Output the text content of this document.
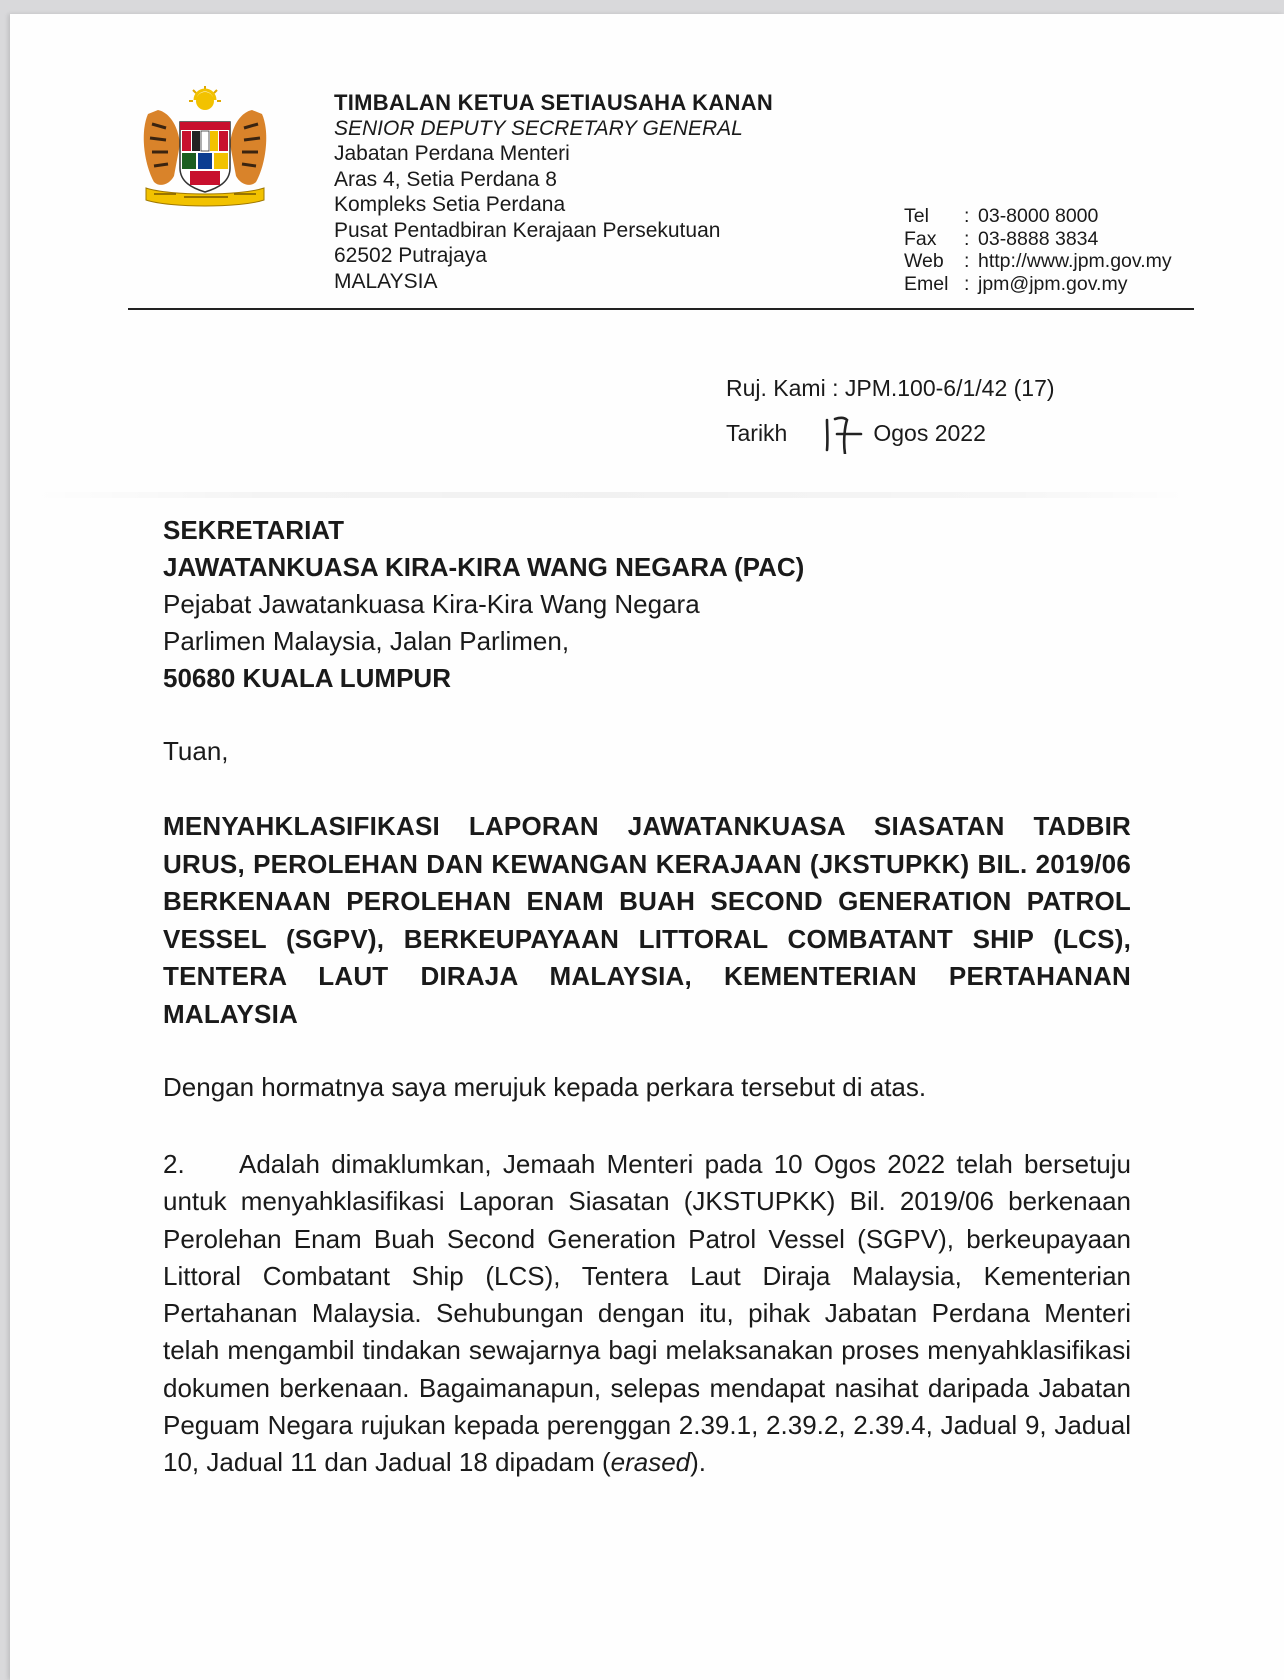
TIMBALAN KETUA SETIAUSAHA KANAN
SENIOR DEPUTY SECRETARY GENERAL
Jabatan Perdana Menteri
Aras 4, Setia Perdana 8
Kompleks Setia Perdana
Pusat Pentadbiran Kerajaan Persekutuan
62502 Putrajaya
MALAYSIA
Tel	: 03-8000 8000
Fax	: 03-8888 3834
Web	: http://www.jpm.gov.my
Emel : jpm@jpm.gov.my
Ruj. Kami :
JPM.100-6/1/42 (17)
Tarikh	Ogos 2022
SEKRETARIAT
JAWATANKUASA KIRA-KIRA WANG NEGARA (PAC)
Pejabat Jawatankuasa Kira-Kira Wang Negara
Parlimen Malaysia, Jalan Parlimen,
50680 KUALA LUMPUR
Tuan,
MENYAHKLASIFIKASI LAPORAN JAWATANKUASA SIASATAN TADBIR URUS, PEROLEHAN DAN KEWANGAN KERAJAAN (JKSTUPKK) BIL. 2019/06 BERKENAAN PEROLEHAN ENAM BUAH SECOND GENERATION PATROL VESSEL (SGPV), BERKEUPAYAAN LITTORAL COMBATANT SHIP (LCS), TENTERA LAUT DIRAJA MALAYSIA, KEMENTERIAN PERTAHANAN MALAYSIA
Dengan hormatnya saya merujuk kepada perkara tersebut di atas.
2. Adalah dimaklumkan, Jemaah Menteri pada 10 Ogos 2022 telah bersetuju untuk menyahklasifikasi Laporan Siasatan (JKSTUPKK) Bil. 2019/06 berkenaan Perolehan Enam Buah Second Generation Patrol Vessel (SGPV), berkeupayaan Littoral Combatant Ship (LCS), Tentera Laut Diraja Malaysia, Kementerian Pertahanan Malaysia. Sehubungan dengan itu, pihak Jabatan Perdana Menteri telah mengambil tindakan sewajarnya bagi melaksanakan proses menyahklasifikasi dokumen berkenaan. Bagaimanapun, selepas mendapat nasihat daripada Jabatan Peguam Negara rujukan kepada perenggan 2.39.1, 2.39.2, 2.39.4, Jadual 9, Jadual 10, Jadual 11 dan Jadual 18 dipadam (erased).
